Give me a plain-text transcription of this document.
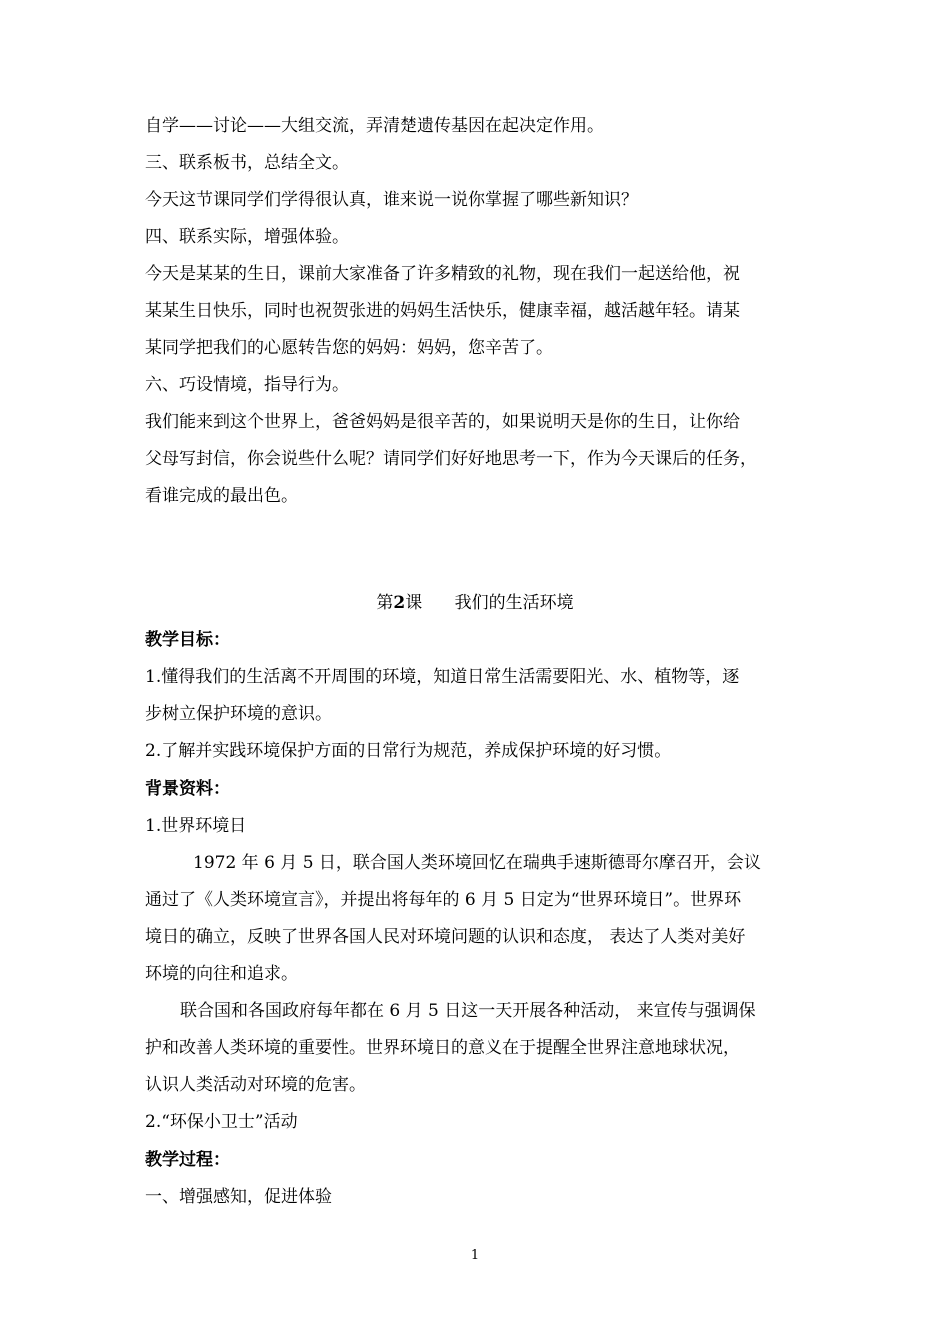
自学——讨论——大组交流，弄清楚遗传基因在起决定作用。
三、联系板书，总结全文。
今天这节课同学们学得很认真，谁来说一说你掌握了哪些新知识？
四、联系实际，增强体验。
今天是某某的生日，课前大家准备了许多精致的礼物，现在我们一起送给他，祝
某某生日快乐，同时也祝贺张进的妈妈生活快乐，健康幸福，越活越年轻。请某
某同学把我们的心愿转告您的妈妈：妈妈，您辛苦了。
六、巧设情境，指导行为。
我们能来到这个世界上，爸爸妈妈是很辛苦的，如果说明天是你的生日，让你给
父母写封信，你会说些什么呢？请同学们好好地思考一下，作为今天课后的任务，
看谁完成的最出色。
第2课 我们的生活环境
教学目标：
1.懂得我们的生活离不开周围的环境，知道日常生活需要阳光、水、植物等，逐
步树立保护环境的意识。
2.了解并实践环境保护方面的日常行为规范，养成保护环境的好习惯。
背景资料：
1.世界环境日
1972 年 6 月 5 日，联合国人类环境回忆在瑞典手速斯德哥尔摩召开，会议
通过了《人类环境宣言》，并提出将每年的 6 月 5 日定为“世界环境日”。世界环
境日的确立，反映了世界各国人民对环境问题的认识和态度， 表达了人类对美好
环境的向往和追求。
联合国和各国政府每年都在 6 月 5 日这一天开展各种活动， 来宣传与强调保
护和改善人类环境的重要性。世界环境日的意义在于提醒全世界注意地球状况，
认识人类活动对环境的危害。
2.“环保小卫士”活动
教学过程：
一、增强感知，促进体验
1
